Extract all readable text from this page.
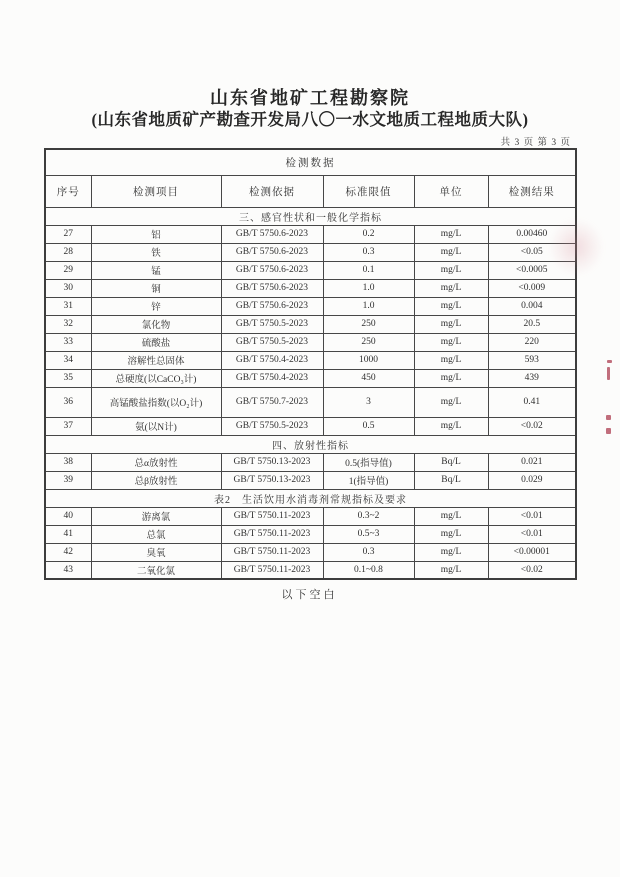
山东省地矿工程勘察院
(山东省地质矿产勘查开发局八〇一水文地质工程地质大队)
共 3 页 第 3 页
检测数据					
序号	检测项目	检测依据	标准限值	单位	检测结果
三、感官性状和一般化学指标					
27	铝	GB/T 5750.6-2023	0.2	mg/L	0.00460
28	铁	GB/T 5750.6-2023	0.3	mg/L	<0.05
29	锰	GB/T 5750.6-2023	0.1	mg/L	<0.0005
30	铜	GB/T 5750.6-2023	1.0	mg/L	<0.009
31	锌	GB/T 5750.6-2023	1.0	mg/L	0.004
32	氯化物	GB/T 5750.5-2023	250	mg/L	20.5
33	硫酸盐	GB/T 5750.5-2023	250	mg/L	220
34	溶解性总固体	GB/T 5750.4-2023	1000	mg/L	593
35	总硬度(以CaCO₃计)	GB/T 5750.4-2023	450	mg/L	439
36	高锰酸盐指数(以O₂计)	GB/T 5750.7-2023	3	mg/L	0.41
37	氨(以N计)	GB/T 5750.5-2023	0.5	mg/L	<0.02
四、放射性指标					
38	总α放射性	GB/T 5750.13-2023	0.5(指导值)	Bq/L	0.021
39	总β放射性	GB/T 5750.13-2023	1(指导值)	Bq/L	0.029
表2　生活饮用水消毒剂常规指标及要求					
40	游离氯	GB/T 5750.11-2023	0.3~2	mg/L	<0.01
41	总氯	GB/T 5750.11-2023	0.5~3	mg/L	<0.01
42	臭氧	GB/T 5750.11-2023	0.3	mg/L	<0.00001
43	二氧化氯	GB/T 5750.11-2023	0.1~0.8	mg/L	<0.02
以下空白
